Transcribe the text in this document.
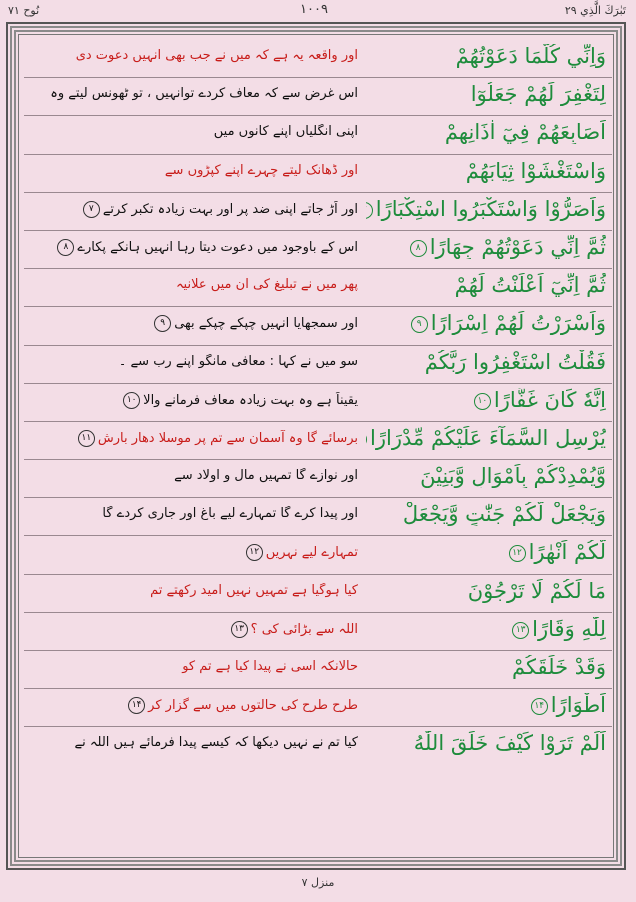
نُوح ۷۱	۱۰۰۹	تَبٰرَكَ الَّذِي ۲۹
وَاِنِّي كُلَّمَا دَعَوْتُهُمْ
اور واقعہ یہ ہے کہ میں نے جب بھی انہیں دعوت دی
لِتَغْفِرَ لَهُمْ جَعَلُوٓا
اس غرض سے کہ معاف کردے توانہیں ، تو ٹھونس لیتے وہ
اَصَابِعَهُمْ فِيٓ اٰذَانِهِمْ
اپنی انگلیاں اپنے کانوں میں
وَاسْتَغْشَوْا ثِيَابَهُمْ
اور ڈھانک لیتے چہرے اپنے کپڑوں سے
وَاَصَرُّوْا وَاسْتَكْبَرُوا اسْتِكْبَارًا
اور اَڑ جاتے اپنی ضد پر اور بہت زیادہ تکبر کرتے۷
ثُمَّ اِنِّي دَعَوْتُهُمْ جِهَارًا۸
اس کے باوجود میں دعوت دیتا رہا انہیں ہانکے پکارے۸
ثُمَّ اِنِّيٓ اَعْلَنْتُ لَهُمْ
پھر میں نے تبلیغ کی ان میں علانیہ
وَاَسْرَرْتُ لَهُمْ اِسْرَارًا۹
اور سمجھایا انہیں چپکے چپکے بھی۹
فَقُلْتُ اسْتَغْفِرُوا رَبَّكُمْ
سو میں نے کہا : معافی مانگو اپنے رب سے ۔
اِنَّهٗ كَانَ غَفَّارًا۱۰
یقیناً ہے وہ بہت زیادہ معاف فرمانے والا۱۰
يُرْسِلِ السَّمَآءَ عَلَيْكُمْ مِّدْرَارًا
برسائے گا وہ آسمان سے تم پر موسلا دھار بارش۱۱
وَّيُمْدِدْكُمْ بِاَمْوَالٍ وَّبَنِيْنَ
اور نوازے گا تمہیں مال و اولاد سے
وَيَجْعَلْ لَّكُمْ جَنّٰتٍ وَّيَجْعَلْ
اور پیدا کرے گا تمہارے لیے باغ اور جاری کردے گا
لَّكُمْ اَنْهٰرًا۱۲
تمہارے لیے نہریں۱۲
مَا لَكُمْ لَا تَرْجُوْنَ
کیا ہوگیا ہے تمہیں نہیں امید رکھتے تم
لِلّٰهِ وَقَارًا۱۳
اللہ سے بڑائی کی ؟۱۳
وَقَدْ خَلَقَكُمْ
حالانکہ اسی نے پیدا کیا ہے تم کو
اَطْوَارًا۱۴
طرح طرح کی حالتوں میں سے گزار کر۱۴
اَلَمْ تَرَوْا كَيْفَ خَلَقَ اللّٰهُ
کیا تم نے نہیں دیکھا کہ کیسے پیدا فرمائے ہیں اللہ نے
منزل ۷
